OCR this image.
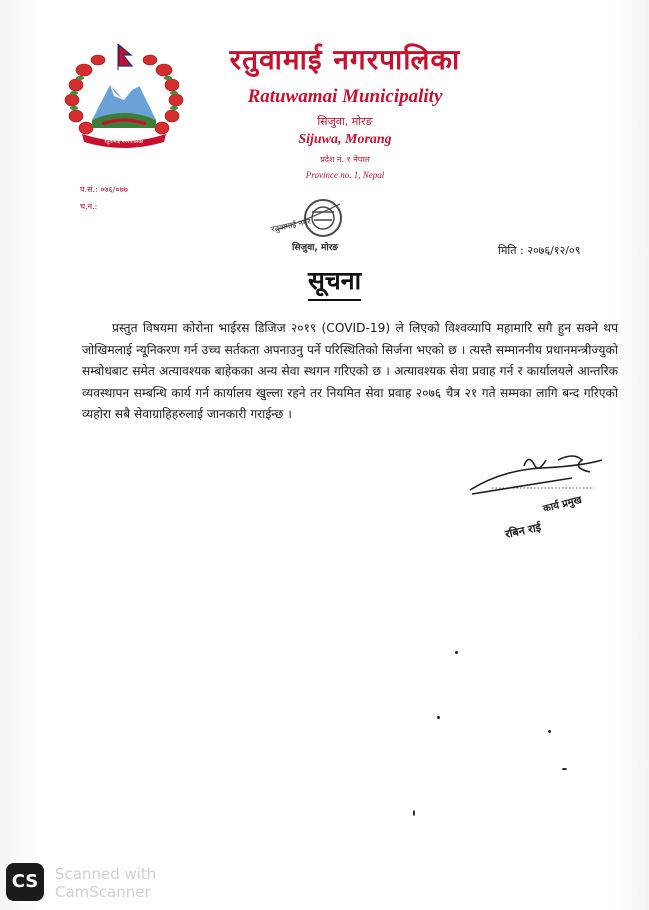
रतुवामाई नगरपालिका
रतुवामाई नगरपालिका
Ratuwamai Municipality
सिजुवा, मोरङ
Sijuwa, Morang
प्रदेश नं. १ नेपाल
Province no. 1, Nepal
प.सं.: ०७६/०७७
च.नं.:
रतुवामाई नगर
सिजुवा, मोरङ	मिति : २०७६/१२/०९
सूचना

प्रस्तुत विषयमा कोरोना भाईरस डिजिज २०१९ (COVID-19) ले लिएको विश्वव्यापि महामारि सगै हुन सक्ने थप जोखिमलाई न्यूनिकरण गर्न उच्च सर्तकता अपनाउनु पर्ने परिस्थितिको सिर्जना भएको छ । त्यस्तै सम्माननीय प्रधानमन्त्रीज्युको सम्बोधबाट समेत अत्यावश्यक बाहेकका अन्य सेवा स्थगन गरिएको छ । अत्यावश्यक सेवा प्रवाह गर्न र कार्यालयले आन्तरिक व्यवस्थापन सम्बन्धि कार्य गर्न कार्यालय खुल्ला रहने तर नियमित सेवा प्रवाह २०७६ चैत्र २१ गते सम्मका लागि बन्द गरिएको व्यहोरा सबै सेवाग्राहिहरुलाई जानकारी गराईन्छ ।

कार्य प्रमुख
रबिन राई
CS	Scanned with
CamScanner
